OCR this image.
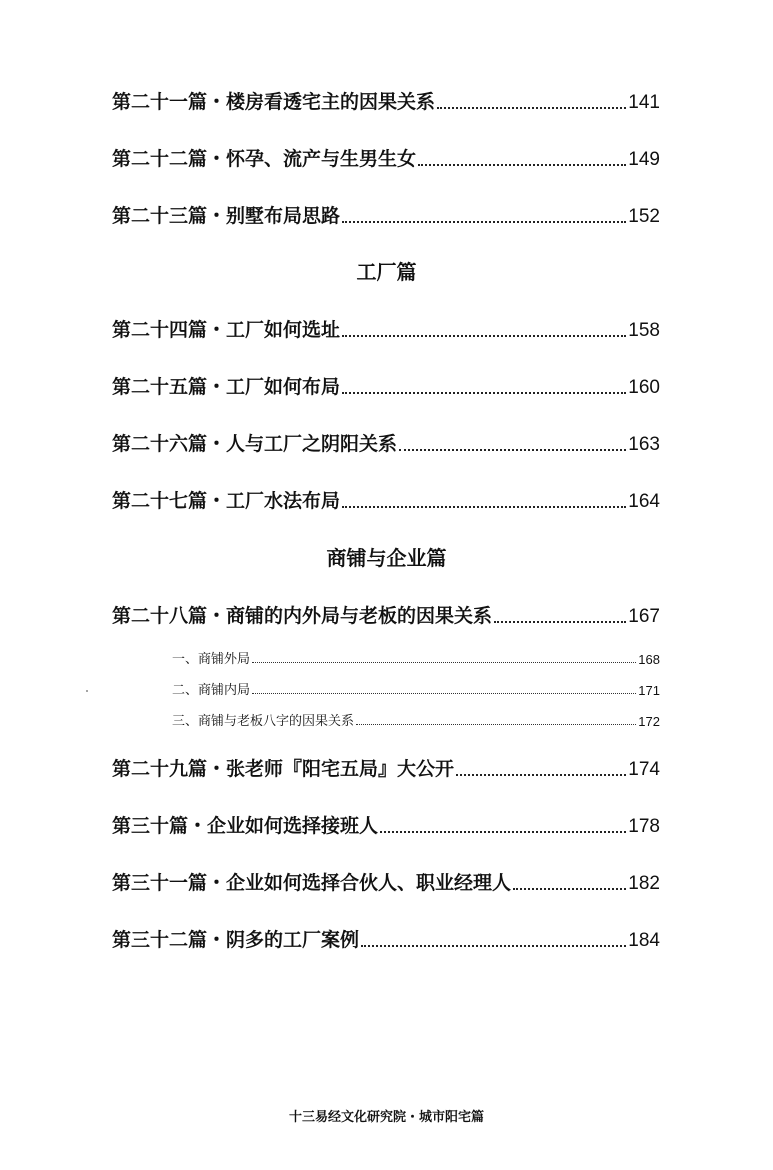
第二十一篇・楼房看透宅主的因果关系	141
第二十二篇・怀孕、流产与生男生女	149
第二十三篇・别墅布局思路	152
工厂篇
第二十四篇・工厂如何选址	158
第二十五篇・工厂如何布局	160
第二十六篇・人与工厂之阴阳关系	163
第二十七篇・工厂水法布局	164
商铺与企业篇
第二十八篇・商铺的内外局与老板的因果关系	167
一、商铺外局	168
二、商铺内局	171
三、商铺与老板八字的因果关系	172
第二十九篇・张老师『阳宅五局』大公开	174
第三十篇・企业如何选择接班人	178
第三十一篇・企业如何选择合伙人、职业经理人	182
第三十二篇・阴多的工厂案例	184
十三易经文化研究院・城市阳宅篇
